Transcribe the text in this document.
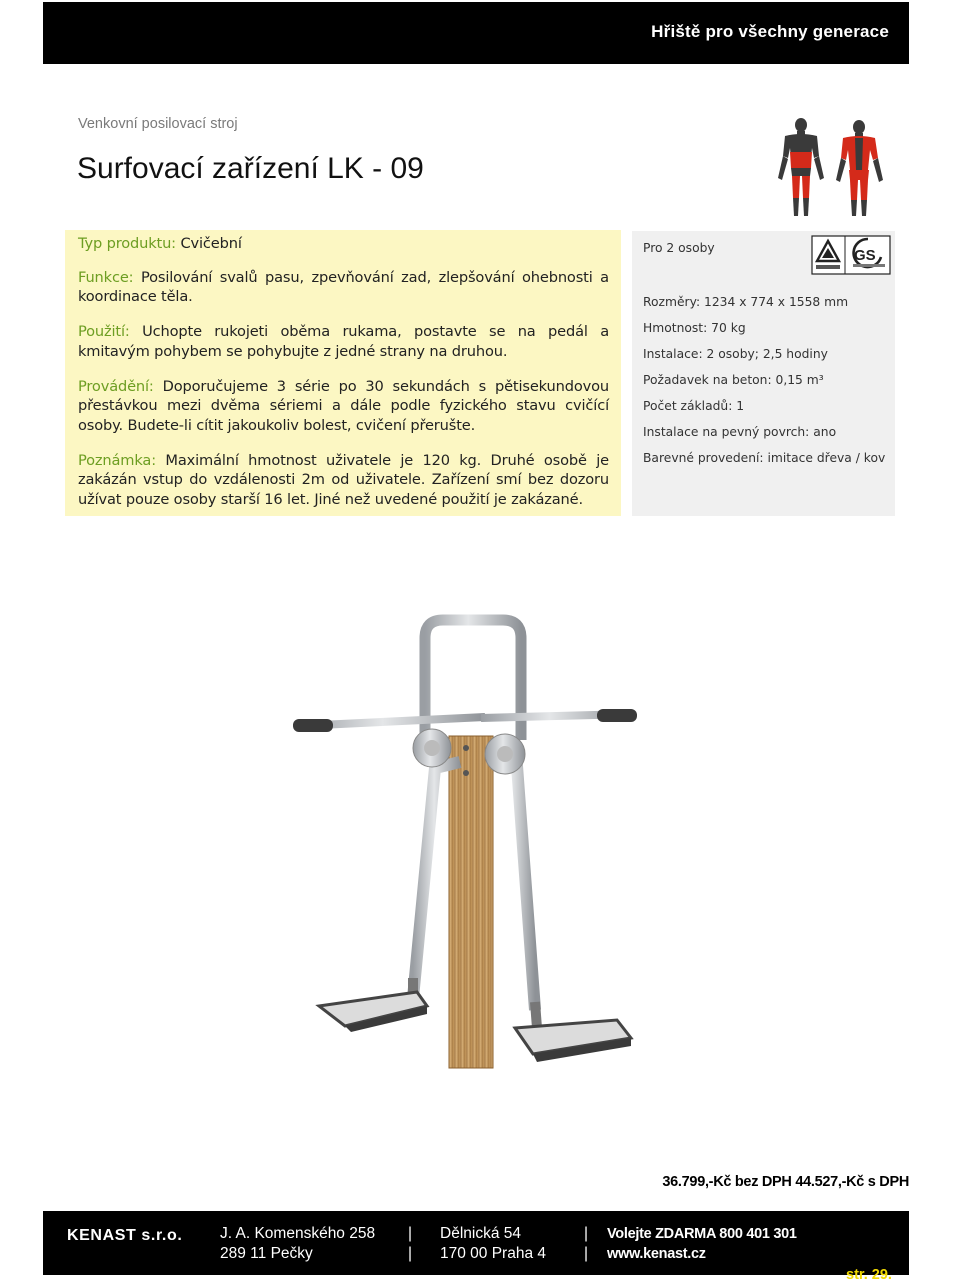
Hřiště pro všechny generace
Venkovní posilovací stroj
Surfovací zařízení LK - 09

Typ produktu: Cvičební

Funkce: Posilování svalů pasu, zpevňování zad, zlepšování ohebnosti a koordinace těla.

Použití: Uchopte rukojeti oběma rukama, postavte se na pedál a kmitavým pohybem se pohybujte z jedné strany na druhou.

Provádění: Doporučujeme 3 série po 30 sekundách s pětisekundovou přestávkou mezi dvěma sériemi a dále podle fyzického stavu cvičící osoby. Budete-li cítit jakoukoliv bolest, cvičení přerušte.

Poznámka: Maximální hmotnost uživatele je 120 kg. Druhé osobě je zakázán vstup do vzdálenosti 2m od uživatele. Zařízení smí bez dozoru užívat pouze osoby starší 16 let. Jiné než uvedené použití je zakázané.

Pro 2 osoby
Rozměry: 1234 x 774 x 1558 mm
Hmotnost: 70 kg
Instalace: 2 osoby; 2,5 hodiny
Požadavek na beton: 0,15 m³
Počet základů: 1
Instalace na pevný povrch: ano
Barevné provedení: imitace dřeva / kov
GS
36.799,-Kč bez DPH 44.527,-Kč s DPH
KENAST s.r.o. J. A. Komenského 258
289 11 Pečky
|
|
Dělnická 54
170 00 Praha 4
|
|
Volejte ZDARMA 800 401 301
www.kenast.cz
str. 29.
